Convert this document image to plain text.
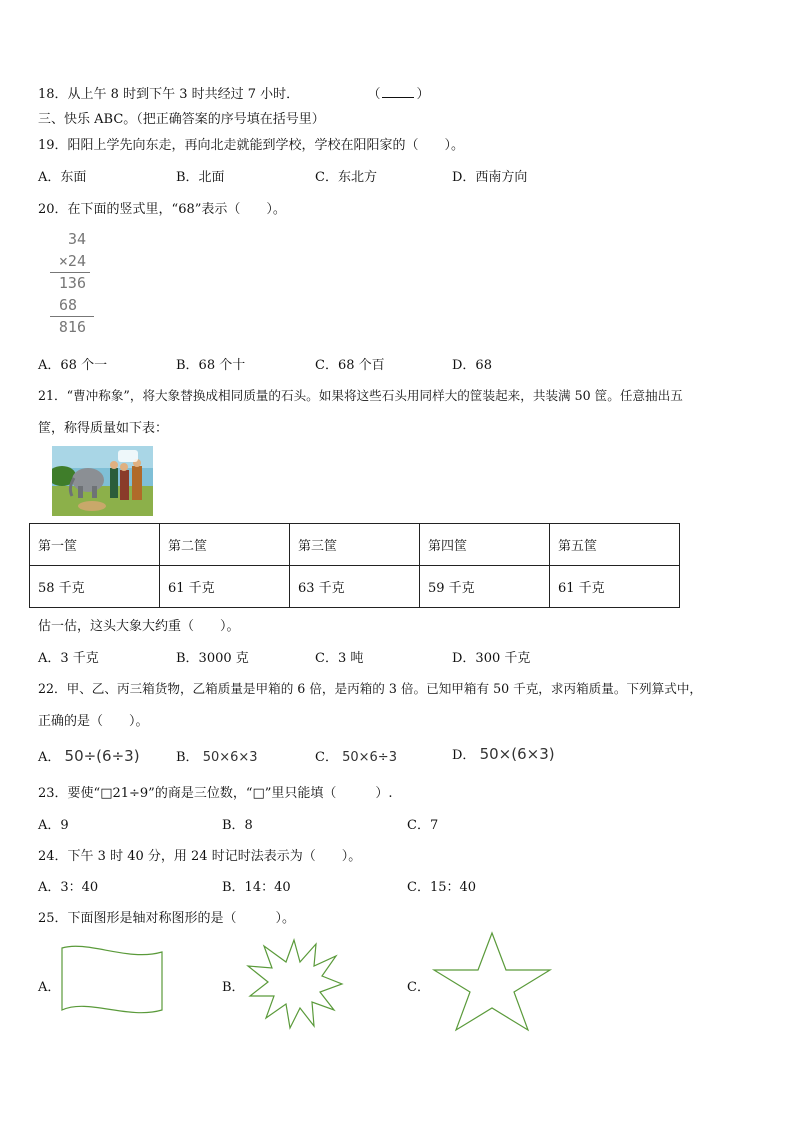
18．从上午 8 时到下午 3 时共经过 7 小时．	（	）
三、快乐 ABC。（把正确答案的序号填在括号里）
19．阳阳上学先向东走，再向北走就能到学校，学校在阳阳家的（　　）。
A．东面	B．北面	C．东北方	D．西南方向
20．在下面的竖式里，“68”表示（　　）。
34
×24
136
68
816
A．68 个一	B．68 个十	C．68 个百	D．68
21．“曹冲称象”，将大象替换成相同质量的石头。如果将这些石头用同样大的筐装起来，共装满 50 筐。任意抽出五
筐，称得质量如下表：
第一筐	第二筐	第三筐	第四筐	第五筐
58 千克	61 千克	63 千克	59 千克	61 千克
估一估，这头大象大约重（　　）。
A．3 千克	B．3000 克	C．3 吨	D．300 千克
22．甲、乙、丙三箱货物，乙箱质量是甲箱的 6 倍，是丙箱的 3 倍。已知甲箱有 50 千克，求丙箱质量。下列算式中，
正确的是（　　）。
A． 50÷(6÷3)	B． 50×6×3	C． 50×6÷3	D． 50×(6×3)
23．要使“□21÷9”的商是三位数，“□”里只能填（　　　）.
A．9	B．8	C．7
24．下午 3 时 40 分，用 24 时记时法表示为（　　）。
A．3：40	B．14：40	C．15：40
25．下面图形是轴对称图形的是（　　　）。
A．	B．	C．
